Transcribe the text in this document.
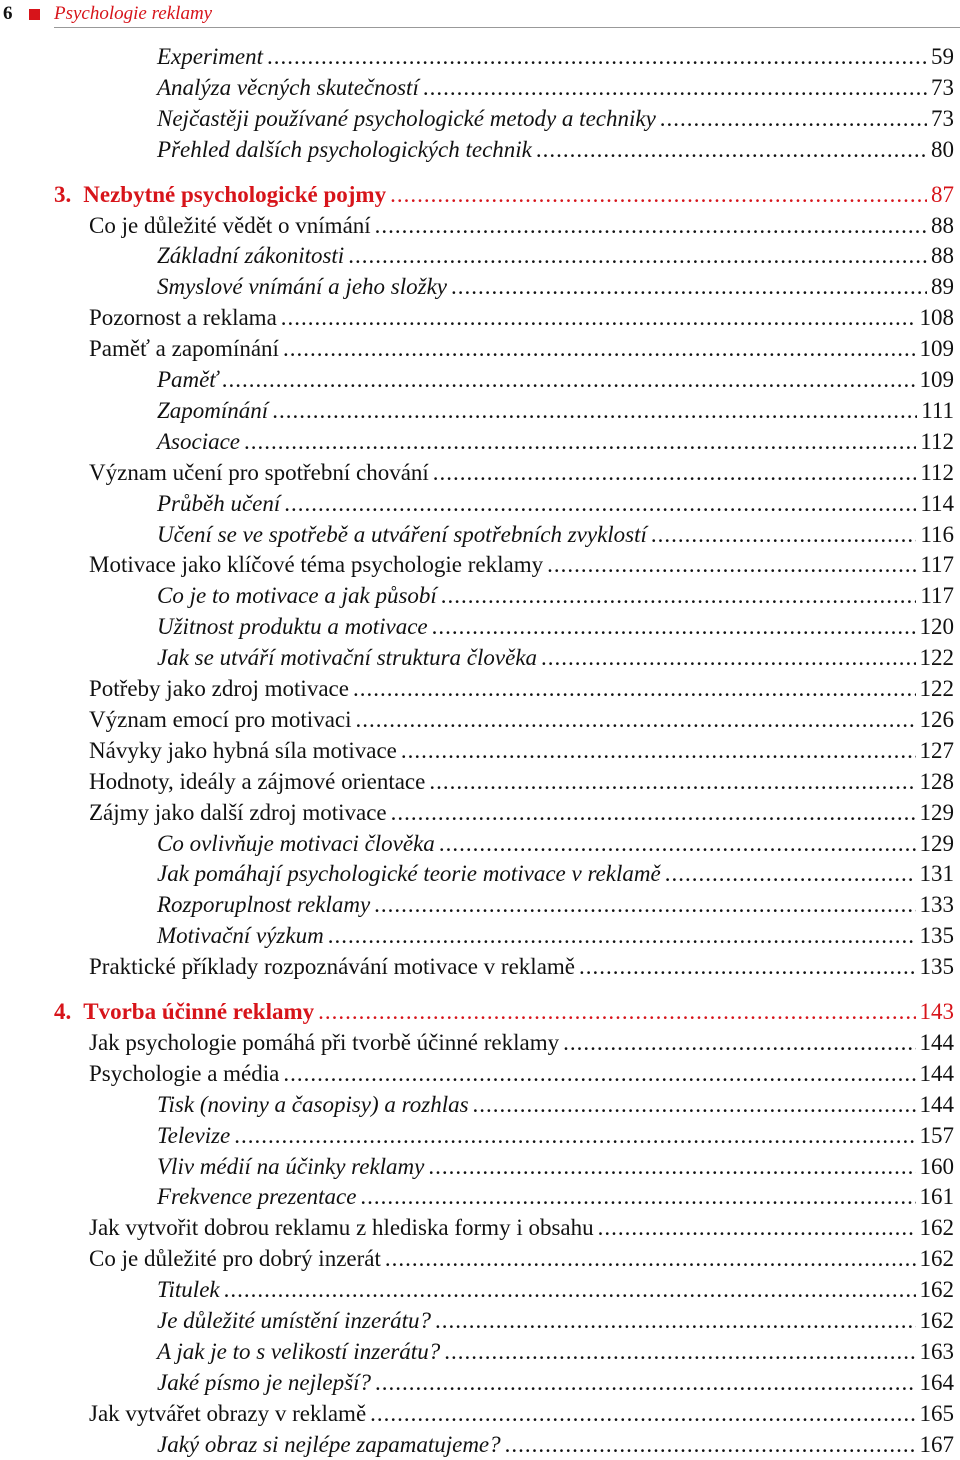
6 Psychologie reklamy
Experiment .....	59
Analýza věcných skutečností .....	73
Nejčastěji používané psychologické metody a techniky .....	73
Přehled dalších psychologických technik .....	80
3. Nezbytné psychologické pojmy .....	87
Co je důležité vědět o vnímání .....	88
Základní zákonitosti .....	88
Smyslové vnímání a jeho složky .....	89
Pozornost a reklama .....	108
Paměť a zapomínání .....	109
Paměť .....	109
Zapomínání .....	111
Asociace .....	112
Význam učení pro spotřební chování .....	112
Průběh učení .....	114
Učení se ve spotřebě a utváření spotřebních zvyklostí .....	116
Motivace jako klíčové téma psychologie reklamy .....	117
Co je to motivace a jak působí .....	117
Užitnost produktu a motivace .....	120
Jak se utváří motivační struktura člověka .....	122
Potřeby jako zdroj motivace .....	122
Význam emocí pro motivaci .....	126
Návyky jako hybná síla motivace .....	127
Hodnoty, ideály a zájmové orientace .....	128
Zájmy jako další zdroj motivace .....	129
Co ovlivňuje motivaci člověka .....	129
Jak pomáhají psychologické teorie motivace v reklamě .....	131
Rozporuplnost reklamy .....	133
Motivační výzkum .....	135
Praktické příklady rozpoznávání motivace v reklamě .....	135
4. Tvorba účinné reklamy .....	143
Jak psychologie pomáhá při tvorbě účinné reklamy .....	144
Psychologie a média .....	144
Tisk (noviny a časopisy) a rozhlas .....	144
Televize .....	157
Vliv médií na účinky reklamy .....	160
Frekvence prezentace .....	161
Jak vytvořit dobrou reklamu z hlediska formy i obsahu .....	162
Co je důležité pro dobrý inzerát .....	162
Titulek .....	162
Je důležité umístění inzerátu? .....	162
A jak je to s velikostí inzerátu? .....	163
Jaké písmo je nejlepší? .....	164
Jak vytvářet obrazy v reklamě .....	165
Jaký obraz si nejlépe zapamatujeme? .....	167
